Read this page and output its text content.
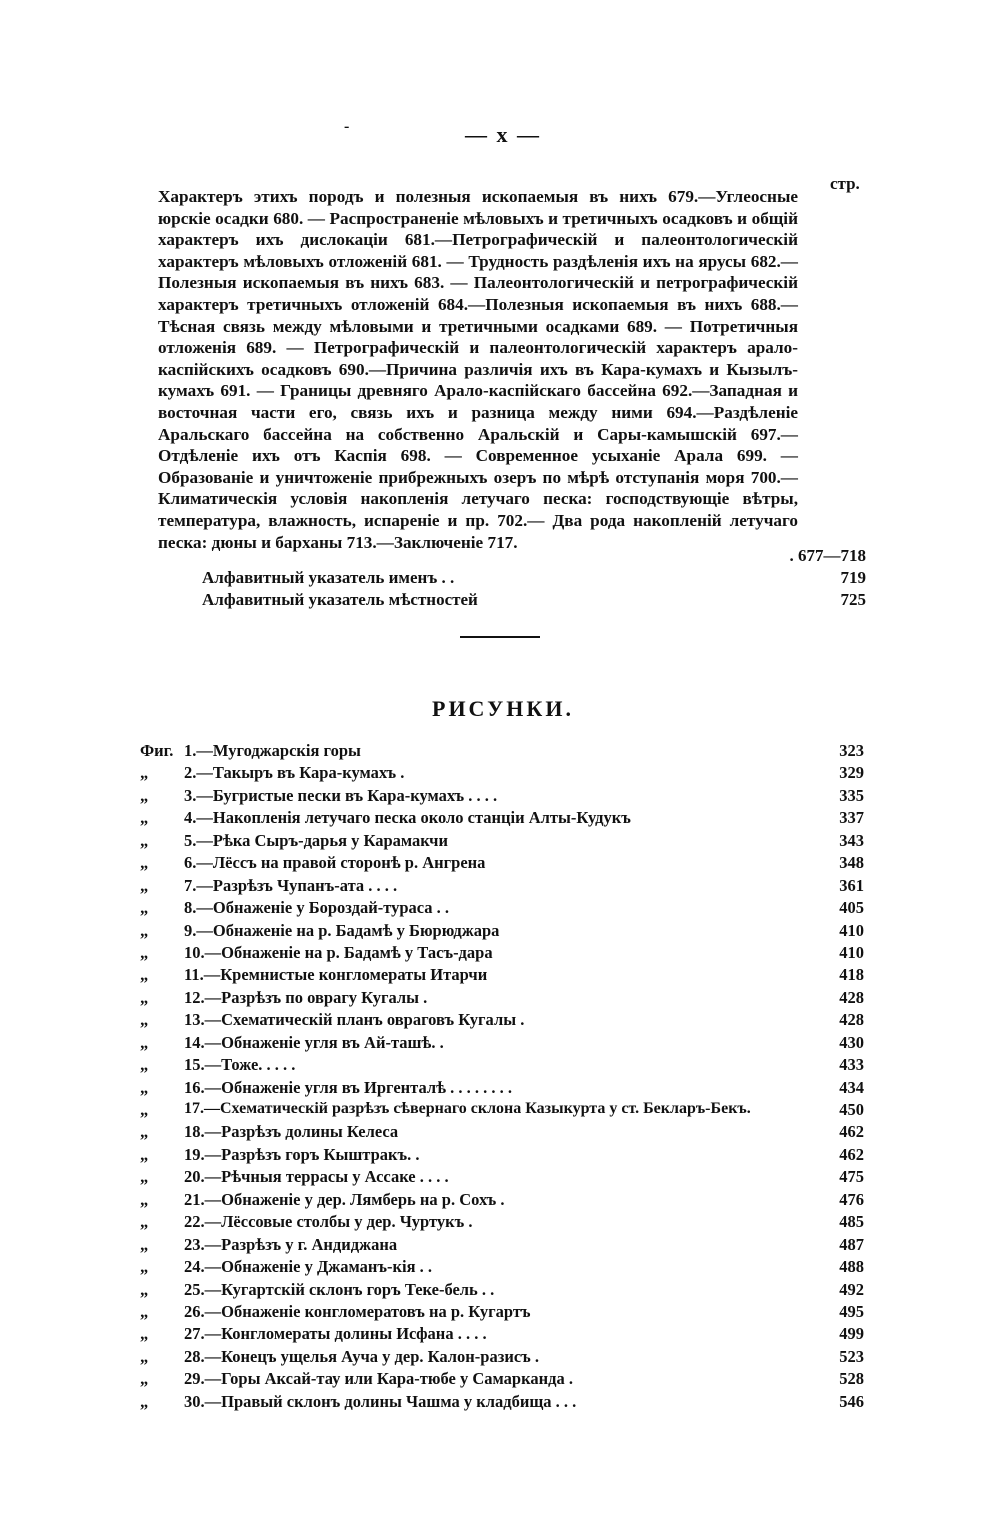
-	— x —
стр.
Характеръ этихъ породъ и полезныя ископаемыя въ нихъ 679.—Углеосные юрскіе осадки 680. — Распространеніе мѣловыхъ и третичныхъ осадковъ и общій характеръ ихъ дислокаціи 681.—Петрографическій и палеонтологическій характеръ мѣловыхъ отложеній 681. — Трудность раздѣленія ихъ на ярусы 682.—Полезныя ископаемыя въ нихъ 683. — Палеонтологическій и петрографическій характеръ третичныхъ отложеній 684.—Полезныя ископаемыя въ нихъ 688.—Тѣсная связь между мѣловыми и третичными осадками 689. — Потретичныя отложенія 689. — Петрографическій и палеонтологическій характеръ арало-каспійскихъ осадковъ 690.—Причина различія ихъ въ Кара-кумахъ и Кызылъ-кумахъ 691. — Границы древняго Арало-каспійскаго бассейна 692.—Западная и восточная части его, связь ихъ и разница между ними 694.—Раздѣленіе Аральскаго бассейна на собственно Аральскій и Сары-камышскій 697.—Отдѣленіе ихъ отъ Каспія 698. — Современное усыханіе Арала 699. — Образованіе и уничтоженіе прибрежныхъ озеръ по мѣрѣ отступанія моря 700.—Климатическія условія накопленія летучаго песка: господствующіе вѣтры, температура, влажность, испареніе и пр. 702.— Два рода накопленій летучаго песка: дюны и барханы 713.—Заключеніе 717.
. 677—718
Алфавитный указатель именъ . .	719
Алфавитный указатель мѣстностей	725
РИСУНКИ.
Фиг. 1.—Мугоджарскія горы	323
„	2.—Такыръ въ Кара-кумахъ .	329
„	3.—Бугристые пески въ Кара-кумахъ . . . .	335
„	4.—Накопленія летучаго песка около станціи Алты-Кудукъ	337
„	5.—Рѣка Сыръ-дарья у Карамакчи	343
„	6.—Лёссъ на правой сторонѣ р. Ангрена	348
„	7.—Разрѣзъ Чупанъ-ата . . . .	361
„	8.—Обнаженіе у Бороздай-тураса . .	405
„	9.—Обнаженіе на р. Бадамѣ у Бюрюджара	410
„	10.—Обнаженіе на р. Бадамѣ у Тасъ-дара	410
„	11.—Кремнистые конгломераты Итарчи	418
„	12.—Разрѣзъ по оврагу Кугалы .	428
„	13.—Схематическій планъ овраговъ Кугалы .	428
„	14.—Обнаженіе угля въ Ай-ташѣ. .	430
„	15.—Тоже. . . . .	433
„	16.—Обнаженіе угля въ Иргенталѣ . . . . . . . .	434
„	17.—Схематическій разрѣзъ сѣвернаго склона Казыкурта у ст. Бекларъ-Бекъ.	450
„	18.—Разрѣзъ долины Келеса	462
„	19.—Разрѣзъ горъ Кыштракъ. .	462
„	20.—Рѣчныя террасы у Ассаке . . . .	475
„	21.—Обнаженіе у дер. Лямберь на р. Сохъ .	476
„	22.—Лёссовые столбы у дер. Чуртукъ .	485
„	23.—Разрѣзъ у г. Андиджана	487
„	24.—Обнаженіе у Джаманъ-кія . .	488
„	25.—Кугартскій склонъ горъ Теке-бель . .	492
„	26.—Обнаженіе конгломератовъ на р. Кугартъ	495
„	27.—Конгломераты долины Исфана . . . .	499
„	28.—Конецъ ущелья Ауча у дер. Калон-разисъ .	523
„	29.—Горы Аксай-тау или Кара-тюбе у Самарканда .	528
„	30.—Правый склонъ долины Чашма у кладбища . . .	546
